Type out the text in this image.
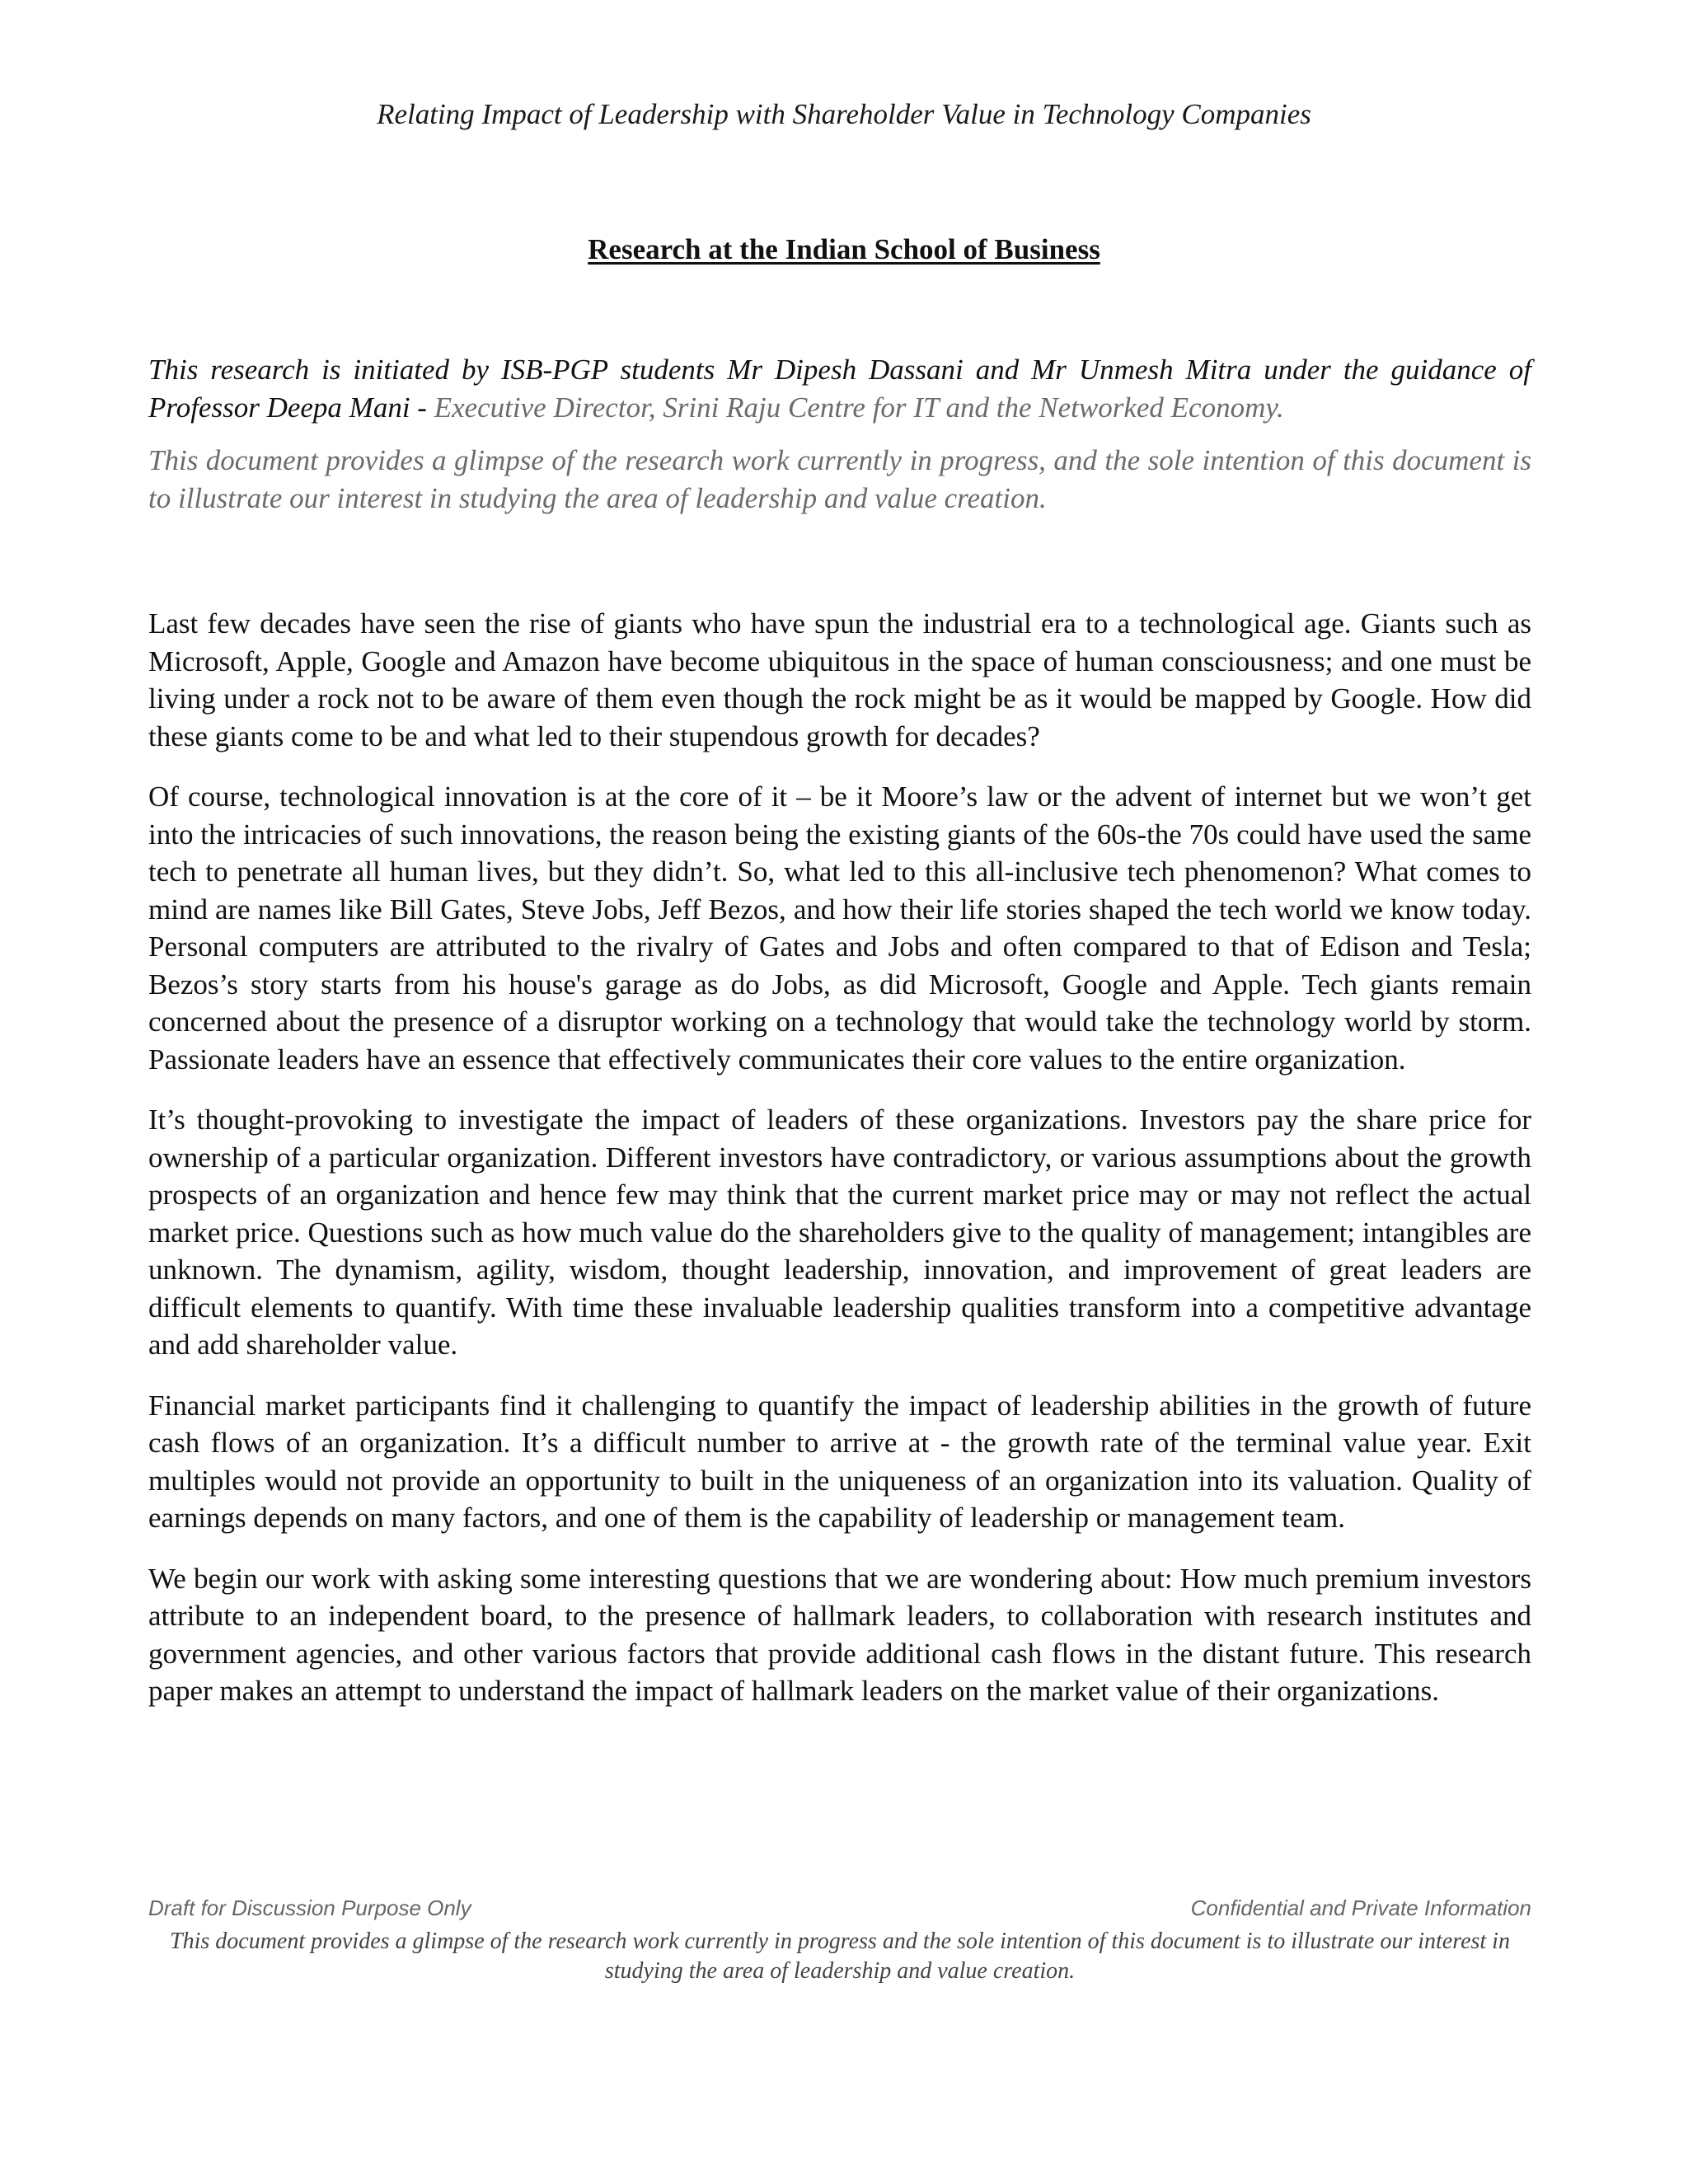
Relating Impact of Leadership with Shareholder Value in Technology Companies
Research at the Indian School of Business

This research is initiated by ISB-PGP students Mr Dipesh Dassani and Mr Unmesh Mitra under the guidance of Professor Deepa Mani - Executive Director, Srini Raju Centre for IT and the Networked Economy.

This document provides a glimpse of the research work currently in progress, and the sole intention of this document is to illustrate our interest in studying the area of leadership and value creation.

Last few decades have seen the rise of giants who have spun the industrial era to a technological age. Giants such as Microsoft, Apple, Google and Amazon have become ubiquitous in the space of human consciousness; and one must be living under a rock not to be aware of them even though the rock might be as it would be mapped by Google. How did these giants come to be and what led to their stupendous growth for decades?

Of course, technological innovation is at the core of it – be it Moore’s law or the advent of internet but we won’t get into the intricacies of such innovations, the reason being the existing giants of the 60s-the 70s could have used the same tech to penetrate all human lives, but they didn’t. So, what led to this all-inclusive tech phenomenon? What comes to mind are names like Bill Gates, Steve Jobs, Jeff Bezos, and how their life stories shaped the tech world we know today. Personal computers are attributed to the rivalry of Gates and Jobs and often compared to that of Edison and Tesla; Bezos’s story starts from his house's garage as do Jobs, as did Microsoft, Google and Apple. Tech giants remain concerned about the presence of a disruptor working on a technology that would take the technology world by storm. Passionate leaders have an essence that effectively communicates their core values to the entire organization.

It’s thought-provoking to investigate the impact of leaders of these organizations. Investors pay the share price for ownership of a particular organization. Different investors have contradictory, or various assumptions about the growth prospects of an organization and hence few may think that the current market price may or may not reflect the actual market price. Questions such as how much value do the shareholders give to the quality of management; intangibles are unknown. The dynamism, agility, wisdom, thought leadership, innovation, and improvement of great leaders are difficult elements to quantify. With time these invaluable leadership qualities transform into a competitive advantage and add shareholder value.

Financial market participants find it challenging to quantify the impact of leadership abilities in the growth of future cash flows of an organization. It’s a difficult number to arrive at - the growth rate of the terminal value year. Exit multiples would not provide an opportunity to built in the uniqueness of an organization into its valuation. Quality of earnings depends on many factors, and one of them is the capability of leadership or management team.

We begin our work with asking some interesting questions that we are wondering about: How much premium investors attribute to an independent board, to the presence of hallmark leaders, to collaboration with research institutes and government agencies, and other various factors that provide additional cash flows in the distant future. This research paper makes an attempt to understand the impact of hallmark leaders on the market value of their organizations.

Draft for Discussion Purpose Only	Confidential and Private Information
This document provides a glimpse of the research work currently in progress and the sole intention of this document is to illustrate our interest in studying the area of leadership and value creation.
